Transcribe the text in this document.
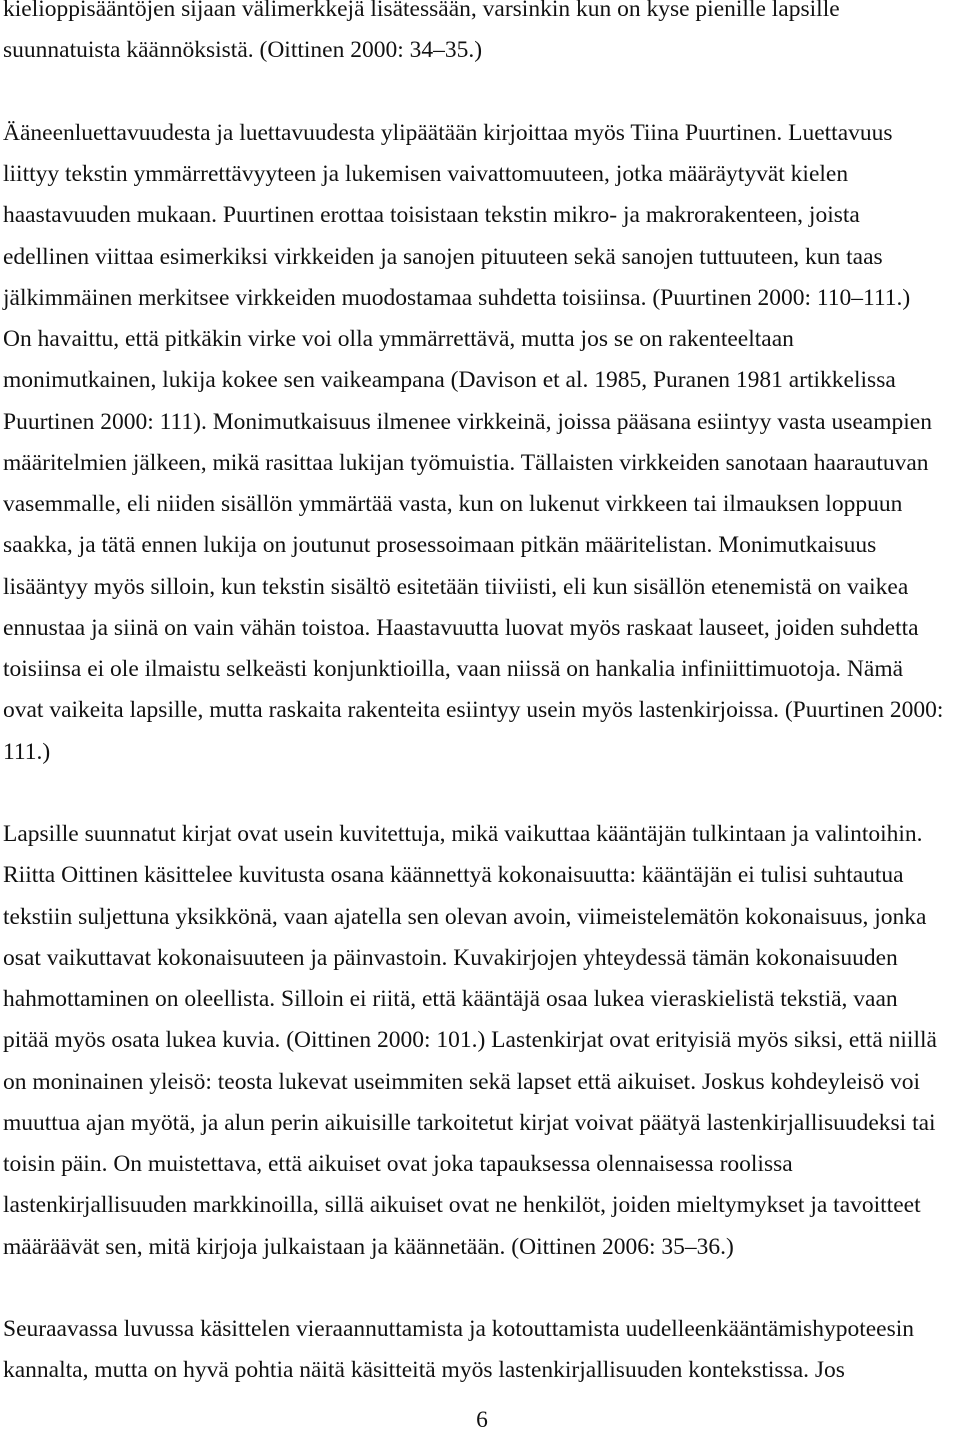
kielioppisääntöjen sijaan välimerkkejä lisätessään, varsinkin kun on kyse pienille lapsille
suunnatuista käännöksistä. (Oittinen 2000: 34–35.)
Ääneenluettavuudesta ja luettavuudesta ylipäätään kirjoittaa myös Tiina Puurtinen. Luettavuus
liittyy tekstin ymmärrettävyyteen ja lukemisen vaivattomuuteen, jotka määräytyvät kielen
haastavuuden mukaan. Puurtinen erottaa toisistaan tekstin mikro- ja makrorakenteen, joista
edellinen viittaa esimerkiksi virkkeiden ja sanojen pituuteen sekä sanojen tuttuuteen, kun taas
jälkimmäinen merkitsee virkkeiden muodostamaa suhdetta toisiinsa. (Puurtinen 2000: 110–111.)
On havaittu, että pitkäkin virke voi olla ymmärrettävä, mutta jos se on rakenteeltaan
monimutkainen, lukija kokee sen vaikeampana (Davison et al. 1985, Puranen 1981 artikkelissa
Puurtinen 2000: 111). Monimutkaisuus ilmenee virkkeinä, joissa pääsana esiintyy vasta useampien
määritelmien jälkeen, mikä rasittaa lukijan työmuistia. Tällaisten virkkeiden sanotaan haarautuvan
vasemmalle, eli niiden sisällön ymmärtää vasta, kun on lukenut virkkeen tai ilmauksen loppuun
saakka, ja tätä ennen lukija on joutunut prosessoimaan pitkän määritelistan. Monimutkaisuus
lisääntyy myös silloin, kun tekstin sisältö esitetään tiiviisti, eli kun sisällön etenemistä on vaikea
ennustaa ja siinä on vain vähän toistoa. Haastavuutta luovat myös raskaat lauseet, joiden suhdetta
toisiinsa ei ole ilmaistu selkeästi konjunktioilla, vaan niissä on hankalia infiniittimuotoja. Nämä
ovat vaikeita lapsille, mutta raskaita rakenteita esiintyy usein myös lastenkirjoissa. (Puurtinen 2000:
111.)
Lapsille suunnatut kirjat ovat usein kuvitettuja, mikä vaikuttaa kääntäjän tulkintaan ja valintoihin.
Riitta Oittinen käsittelee kuvitusta osana käännettyä kokonaisuutta: kääntäjän ei tulisi suhtautua
tekstiin suljettuna yksikkönä, vaan ajatella sen olevan avoin, viimeistelemätön kokonaisuus, jonka
osat vaikuttavat kokonaisuuteen ja päinvastoin. Kuvakirjojen yhteydessä tämän kokonaisuuden
hahmottaminen on oleellista. Silloin ei riitä, että kääntäjä osaa lukea vieraskielistä tekstiä, vaan
pitää myös osata lukea kuvia. (Oittinen 2000: 101.) Lastenkirjat ovat erityisiä myös siksi, että niillä
on moninainen yleisö: teosta lukevat useimmiten sekä lapset että aikuiset. Joskus kohdeyleisö voi
muuttua ajan myötä, ja alun perin aikuisille tarkoitetut kirjat voivat päätyä lastenkirjallisuudeksi tai
toisin päin. On muistettava, että aikuiset ovat joka tapauksessa olennaisessa roolissa
lastenkirjallisuuden markkinoilla, sillä aikuiset ovat ne henkilöt, joiden mieltymykset ja tavoitteet
määräävät sen, mitä kirjoja julkaistaan ja käännetään. (Oittinen 2006: 35–36.)
Seuraavassa luvussa käsittelen vieraannuttamista ja kotouttamista uudelleenkääntämishypoteesin
kannalta, mutta on hyvä pohtia näitä käsitteitä myös lastenkirjallisuuden kontekstissa. Jos
6
